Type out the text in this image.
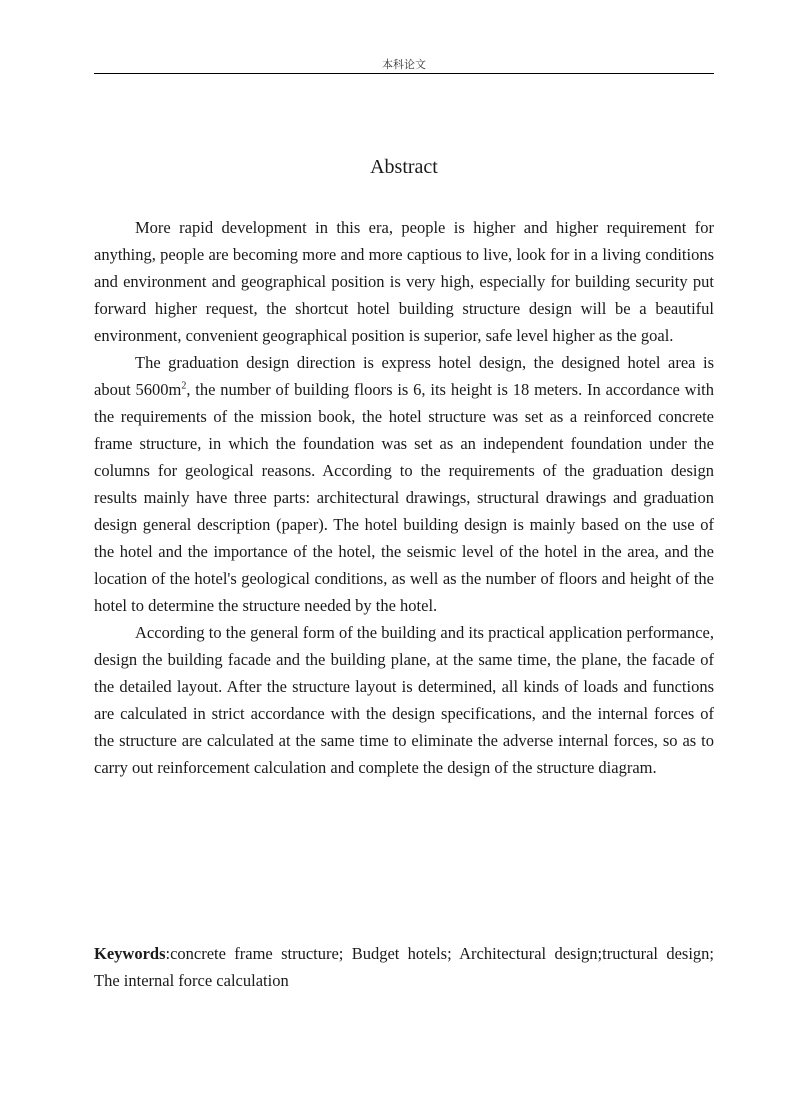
本科论文
Abstract

More rapid development in this era, people is higher and higher requirement for anything, people are becoming more and more captious to live, look for in a living conditions and environment and geographical position is very high, especially for building security put forward higher request, the shortcut hotel building structure design will be a beautiful environment, convenient geographical position is superior, safe level higher as the goal.

The graduation design direction is express hotel design, the designed hotel area is about $5600m^2$, the number of building floors is 6, its height is 18 meters. In accordance with the requirements of the mission book, the hotel structure was set as a reinforced concrete frame structure, in which the foundation was set as an independent foundation under the columns for geological reasons. According to the requirements of the graduation design results mainly have three parts: architectural drawings, structural drawings and graduation design general description (paper). The hotel building design is mainly based on the use of the hotel and the importance of the hotel, the seismic level of the hotel in the area, and the location of the hotel's geological conditions, as well as the number of floors and height of the hotel to determine the structure needed by the hotel.

According to the general form of the building and its practical application performance, design the building facade and the building plane, at the same time, the plane, the facade of the detailed layout. After the structure layout is determined, all kinds of loads and functions are calculated in strict accordance with the design specifications, and the internal forces of the structure are calculated at the same time to eliminate the adverse internal forces, so as to carry out reinforcement calculation and complete the design of the structure diagram.

Keywords:concrete frame structure; Budget hotels; Architectural design;tructural design; The internal force calculation
